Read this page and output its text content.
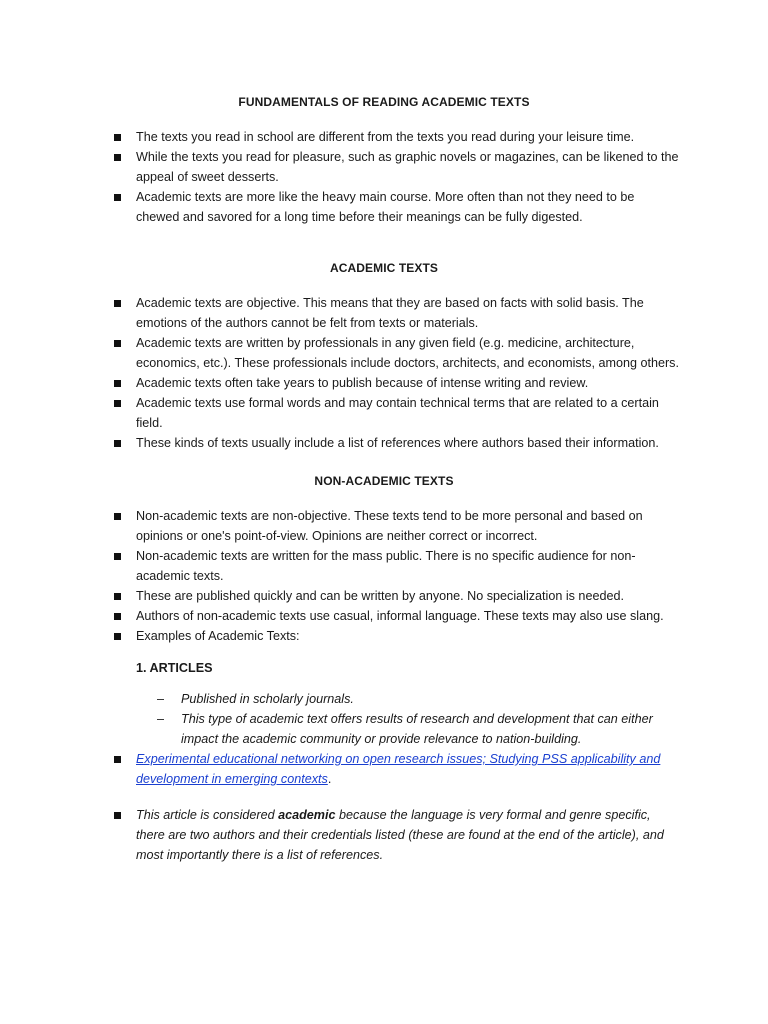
FUNDAMENTALS OF READING ACADEMIC TEXTS
The texts you read in school are different from the texts you read during your leisure time.
While the texts you read for pleasure, such as graphic novels or magazines, can be likened to the appeal of sweet desserts.
Academic texts are more like the heavy main course. More often than not they need to be chewed and savored for a long time before their meanings can be fully digested.
ACADEMIC TEXTS
Academic texts are objective. This means that they are based on facts with solid basis. The emotions of the authors cannot be felt from texts or materials.
Academic texts are written by professionals in any given field (e.g. medicine, architecture, economics, etc.). These professionals include doctors, architects, and economists, among others.
Academic texts often take years to publish because of intense writing and review.
Academic texts use formal words and may contain technical terms that are related to a certain field.
These kinds of texts usually include a list of references where authors based their information.
NON-ACADEMIC TEXTS
Non-academic texts are non-objective. These texts tend to be more personal and based on opinions or one's point-of-view. Opinions are neither correct or incorrect.
Non-academic texts are written for the mass public. There is no specific audience for non-academic texts.
These are published quickly and can be written by anyone. No specialization is needed.
Authors of non-academic texts use casual, informal language. These texts may also use slang.
Examples of Academic Texts:
1. ARTICLES
– Published in scholarly journals.
– This type of academic text offers results of research and development that can either impact the academic community or provide relevance to nation-building.
Experimental educational networking on open research issues; Studying PSS applicability and development in emerging contexts.
This article is considered academic because the language is very formal and genre specific, there are two authors and their credentials listed (these are found at the end of the article), and most importantly there is a list of references.
